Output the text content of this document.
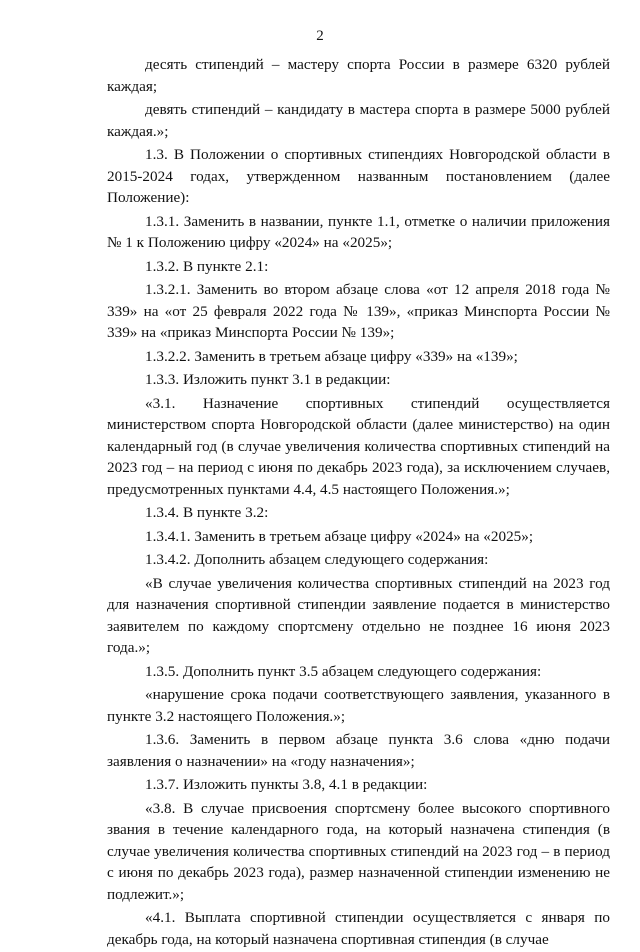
2

десять стипендий – мастеру спорта России в размере 6320 рублей каждая;

девять стипендий – кандидату в мастера спорта в размере 5000 рублей каждая.»;

1.3. В Положении о спортивных стипендиях Новгородской области в 2015-2024 годах, утвержденном названным постановлением (далее Положение):

1.3.1. Заменить в названии, пункте 1.1, отметке о наличии приложения № 1 к Положению цифру «2024» на «2025»;

1.3.2. В пункте 2.1:

1.3.2.1. Заменить во втором абзаце слова «от 12 апреля 2018 года № 339» на «от 25 февраля 2022 года № 139», «приказ Минспорта России № 339» на «приказ Минспорта России № 139»;

1.3.2.2. Заменить в третьем абзаце цифру «339» на «139»;

1.3.3. Изложить пункт 3.1 в редакции:

«3.1. Назначение спортивных стипендий осуществляется министерством спорта Новгородской области (далее министерство) на один календарный год (в случае увеличения количества спортивных стипендий на 2023 год – на период с июня по декабрь 2023 года), за исключением случаев, предусмотренных пунктами 4.4, 4.5 настоящего Положения.»;

1.3.4. В пункте 3.2:

1.3.4.1. Заменить в третьем абзаце цифру «2024» на «2025»;

1.3.4.2. Дополнить абзацем следующего содержания:

«В случае увеличения количества спортивных стипендий на 2023 год для назначения спортивной стипендии заявление подается в министерство заявителем по каждому спортсмену отдельно не позднее 16 июня 2023 года.»;

1.3.5. Дополнить пункт 3.5 абзацем следующего содержания:

«нарушение срока подачи соответствующего заявления, указанного в пункте 3.2 настоящего Положения.»;

1.3.6. Заменить в первом абзаце пункта 3.6 слова «дню подачи заявления о назначении» на «году назначения»;

1.3.7. Изложить пункты 3.8, 4.1 в редакции:

«3.8. В случае присвоения спортсмену более высокого спортивного звания в течение календарного года, на который назначена стипендия (в случае увеличения количества спортивных стипендий на 2023 год – в период с июня по декабрь 2023 года), размер назначенной стипендии изменению не подлежит.»;

«4.1. Выплата спортивной стипендии осуществляется с января по декабрь года, на который назначена спортивная стипендия (в случае
